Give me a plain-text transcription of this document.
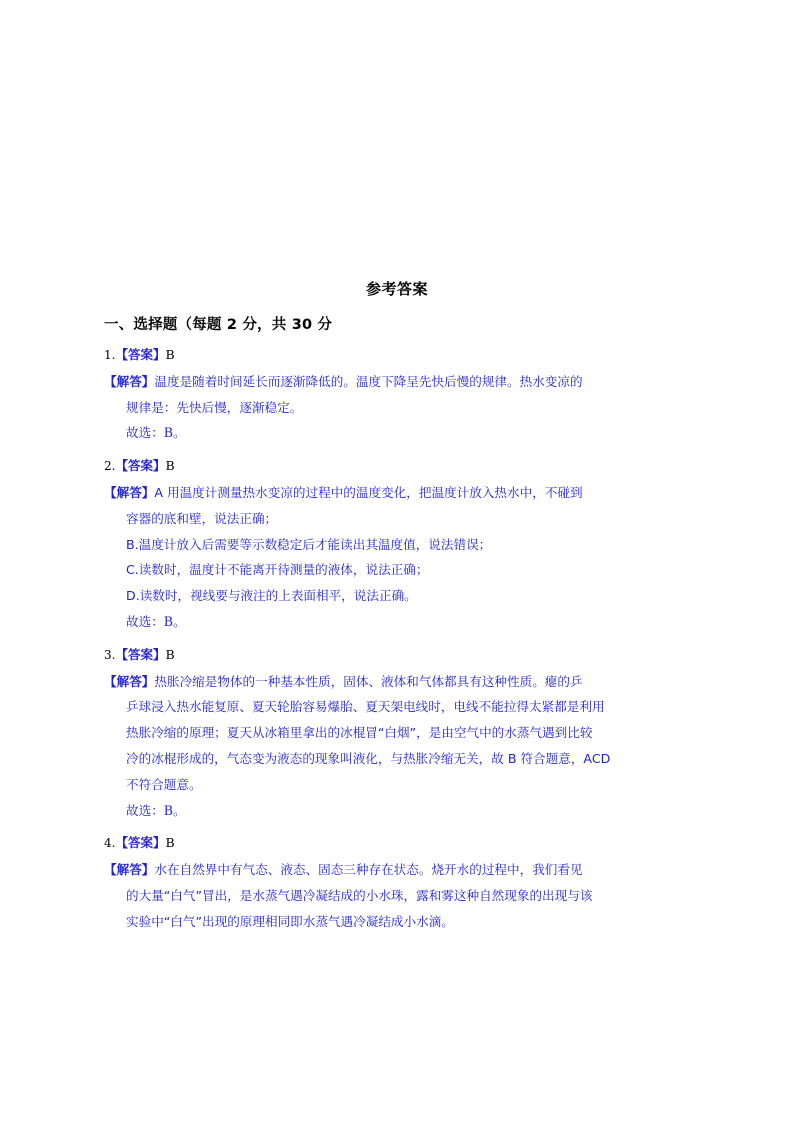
参考答案
一、选择题（每题 2 分，共 30 分
1.【答案】B

【解答】温度是随着时间延长而逐渐降低的。温度下降呈先快后慢的规律。热水变凉的

规律是：先快后慢，逐渐稳定。

故选：B。

2.【答案】B

【解答】A 用温度计测量热水变凉的过程中的温度变化，把温度计放入热水中，不碰到

容器的底和壁，说法正确；

B.温度计放入后需要等示数稳定后才能读出其温度值，说法错误；

C.读数时，温度计不能离开待测量的液体，说法正确；

D.读数时，视线要与液注的上表面相平，说法正确。

故选：B。

3.【答案】B

【解答】热胀冷缩是物体的一种基本性质，固体、液体和气体都具有这种性质。瘪的乒

乒球浸入热水能复原、夏天轮胎容易爆胎、夏天架电线时，电线不能拉得太紧都是利用

热胀冷缩的原理；夏天从冰箱里拿出的冰棍冒“白烟”，是由空气中的水蒸气遇到比较

冷的冰棍形成的，气态变为液态的现象叫液化，与热胀冷缩无关，故 B 符合题意，ACD

不符合题意。

故选：B。

4.【答案】B

【解答】水在自然界中有气态、液态、固态三种存在状态。烧开水的过程中，我们看见

的大量“白气”冒出，是水蒸气遇冷凝结成的小水珠，露和雾这种自然现象的出现与该

实验中“白气”出现的原理相同即水蒸气遇冷凝结成小水滴。
